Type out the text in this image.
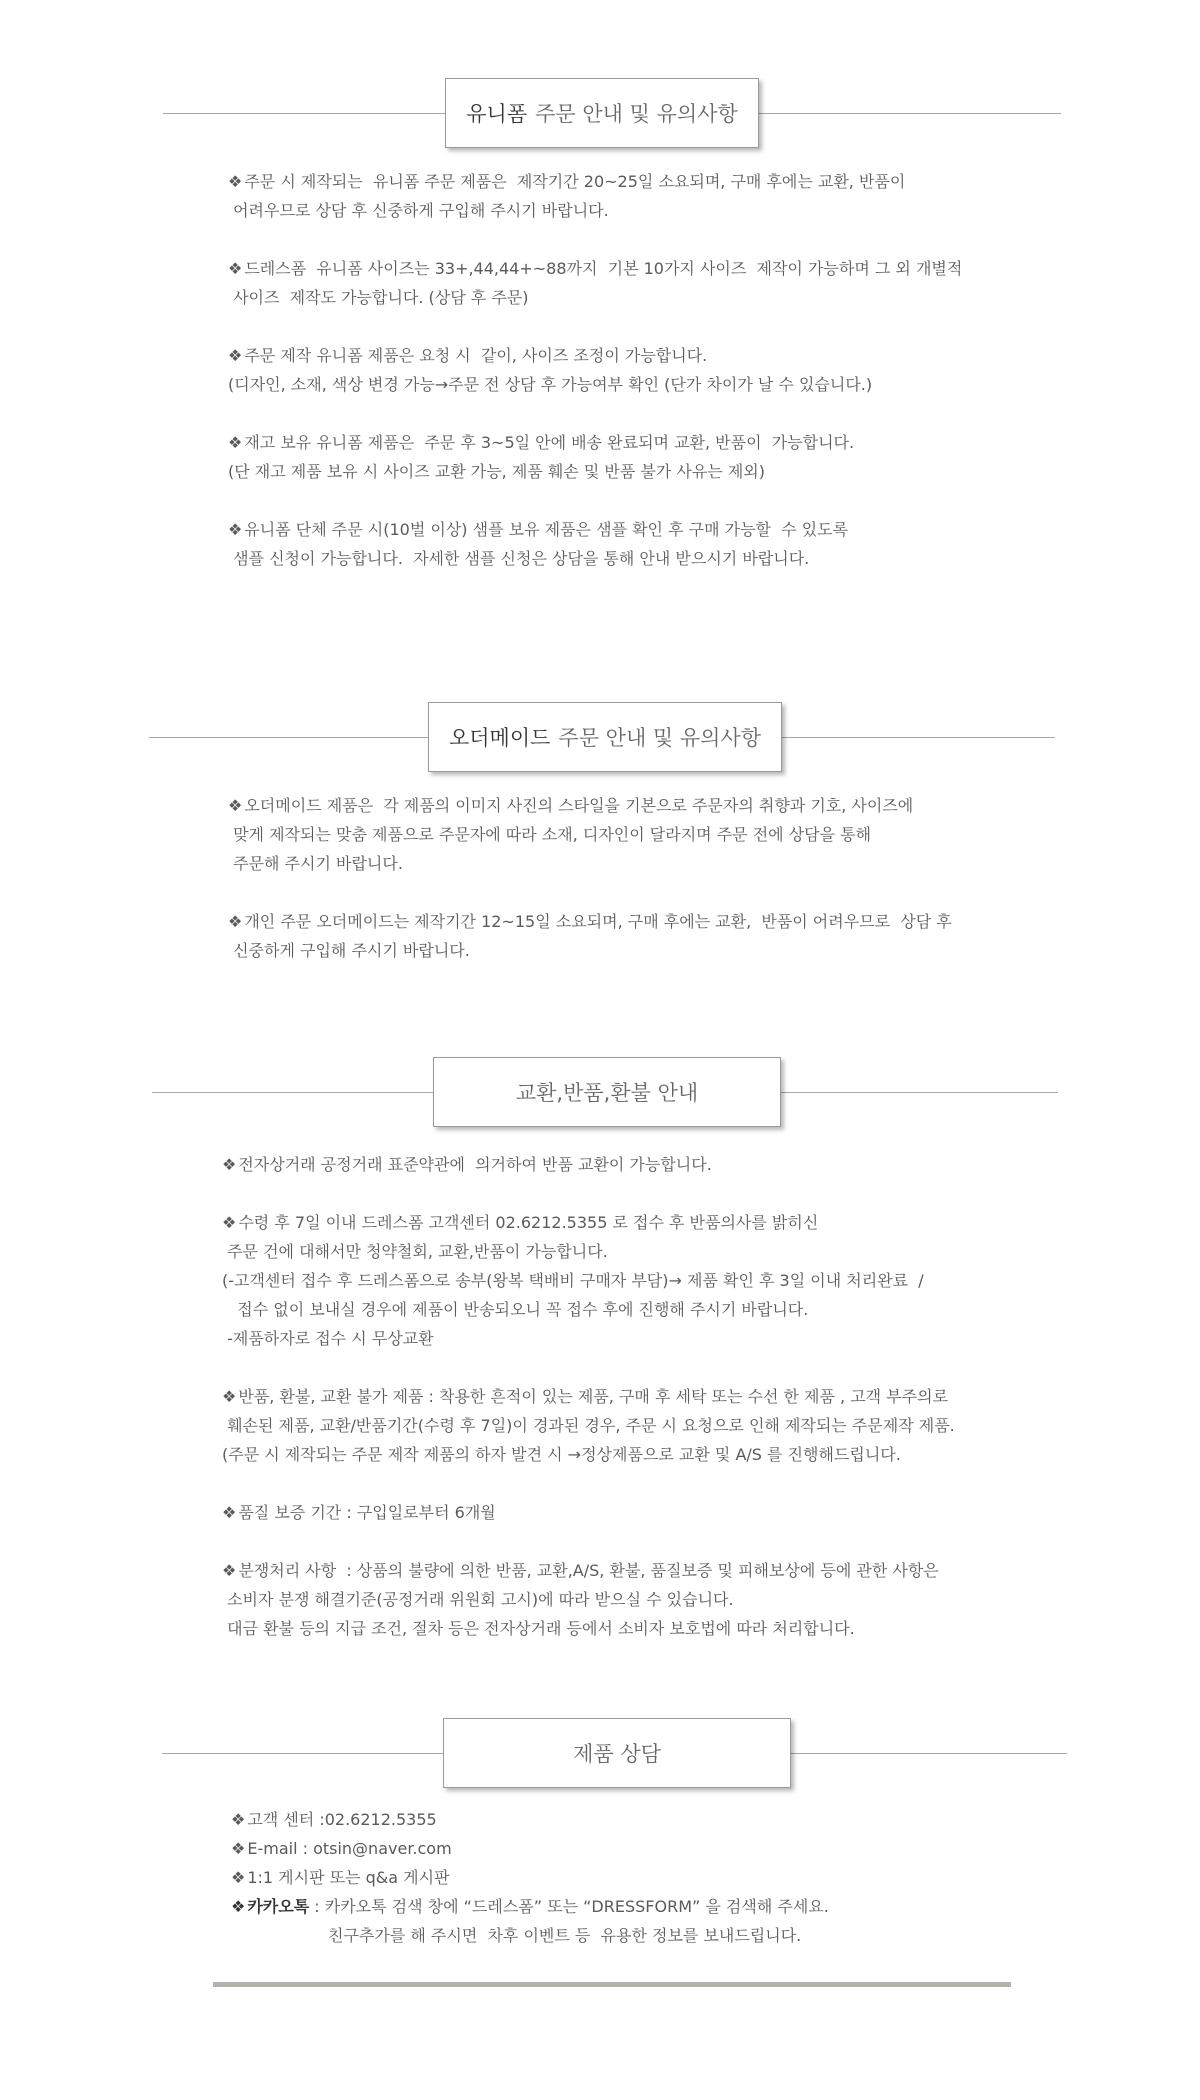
유니폼 주문 안내 및 유의사항
❖ 주문 시 제작되는  유니폼 주문 제품은  제작기간 20~25일 소요되며, 구매 후에는 교환, 반품이
어려우므로 상담 후 신중하게 구입해 주시기 바랍니다.
❖ 드레스폼  유니폼 사이즈는 33+,44,44+~88까지  기본 10가지 사이즈  제작이 가능하며 그 외 개별적
사이즈  제작도 가능합니다. (상담 후 주문)
❖ 주문 제작 유니폼 제품은 요청 시  같이, 사이즈 조정이 가능합니다.
(디자인, 소재, 색상 변경 가능→주문 전 상담 후 가능여부 확인 (단가 차이가 날 수 있습니다.)
❖ 재고 보유 유니폼 제품은  주문 후 3~5일 안에 배송 완료되며 교환, 반품이  가능합니다.
(단 재고 제품 보유 시 사이즈 교환 가능, 제품 훼손 및 반품 불가 사유는 제외)
❖ 유니폼 단체 주문 시(10벌 이상) 샘플 보유 제품은 샘플 확인 후 구매 가능할  수 있도록
샘플 신청이 가능합니다.  자세한 샘플 신청은 상담을 통해 안내 받으시기 바랍니다.
오더메이드 주문 안내 및 유의사항
❖ 오더메이드 제품은  각 제품의 이미지 사진의 스타일을 기본으로 주문자의 취향과 기호, 사이즈에
맞게 제작되는 맞춤 제품으로 주문자에 따라 소재, 디자인이 달라지며 주문 전에 상담을 통해
주문해 주시기 바랍니다.
❖ 개인 주문 오더메이드는 제작기간 12~15일 소요되며, 구매 후에는 교환,  반품이 어려우므로  상담 후
신중하게 구입해 주시기 바랍니다.
교환,반품,환불 안내
❖ 전자상거래 공정거래 표준약관에  의거하여 반품 교환이 가능합니다.
❖ 수령 후 7일 이내 드레스폼 고객센터 02.6212.5355 로 접수 후 반품의사를 밝히신
주문 건에 대해서만 청약철회, 교환,반품이 가능합니다.
(-고객센터 접수 후 드레스폼으로 송부(왕복 택배비 구매자 부담)→ 제품 확인 후 3일 이내 처리완료  /
접수 없이 보내실 경우에 제품이 반송되오니 꼭 접수 후에 진행해 주시기 바랍니다.
-제품하자로 접수 시 무상교환
❖ 반품, 환불, 교환 불가 제품 : 착용한 흔적이 있는 제품, 구매 후 세탁 또는 수선 한 제품 , 고객 부주의로
훼손된 제품, 교환/반품기간(수령 후 7일)이 경과된 경우, 주문 시 요청으로 인해 제작되는 주문제작 제품.
(주문 시 제작되는 주문 제작 제품의 하자 발견 시 →정상제품으로 교환 및 A/S 를 진행해드립니다.
❖ 품질 보증 기간 : 구입일로부터 6개월
❖ 분쟁처리 사항  : 상품의 불량에 의한 반품, 교환,A/S, 환불, 품질보증 및 피해보상에 등에 관한 사항은
소비자 분쟁 해결기준(공정거래 위원회 고시)에 따라 받으실 수 있습니다.
대금 환불 등의 지급 조건, 절차 등은 전자상거래 등에서 소비자 보호법에 따라 처리합니다.
제품 상담
❖ 고객 센터 :02.6212.5355
❖ E-mail : otsin@naver.com
❖ 1:1 게시판 또는 q&a 게시판
❖ 카카오톡 : 카카오톡 검색 창에 “드레스폼” 또는 “DRESSFORM” 을 검색해 주세요.
친구추가를 해 주시면  차후 이벤트 등  유용한 정보를 보내드립니다.
